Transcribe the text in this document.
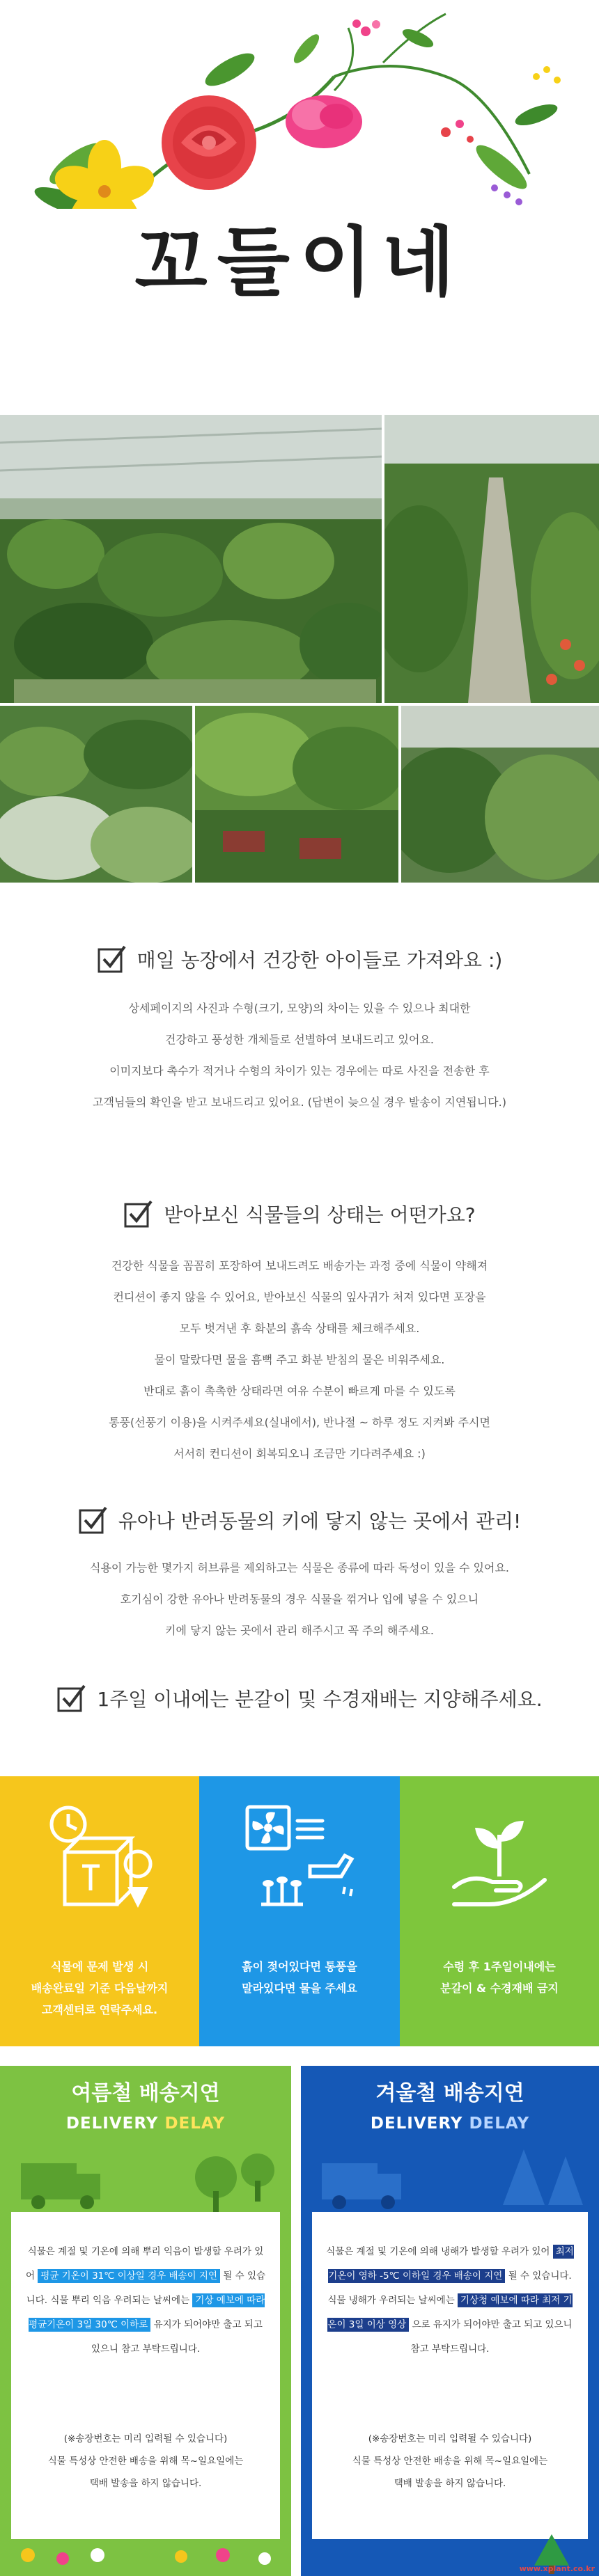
꼬들이네
매일 농장에서 건강한 아이들로 가져와요 :)

상세페이지의 사진과 수형(크기, 모양)의 차이는 있을 수 있으나 최대한

건강하고 풍성한 개체들로 선별하여 보내드리고 있어요.

이미지보다 촉수가 적거나 수형의 차이가 있는 경우에는 따로 사진을 전송한 후

고객님들의 확인을 받고 보내드리고 있어요. (답변이 늦으실 경우 발송이 지연됩니다.)

받아보신 식물들의 상태는 어떤가요?

건강한 식물을 꼼꼼히 포장하여 보내드려도 배송가는 과정 중에 식물이 약해져

컨디션이 좋지 않을 수 있어요, 받아보신 식물의 잎사귀가 처져 있다면 포장을

모두 벗겨낸 후 화분의 흙속 상태를 체크해주세요.

물이 말랐다면 물을 흠뻑 주고 화분 받침의 물은 비워주세요.

반대로 흙이 촉촉한 상태라면 여유 수분이 빠르게 마를 수 있도록

통풍(선풍기 이용)을 시켜주세요(실내에서), 반나절 ~ 하루 정도 지켜봐 주시면

서서히 컨디션이 회복되오니 조금만 기다려주세요 :)

유아나 반려동물의 키에 닿지 않는 곳에서 관리!

식용이 가능한 몇가지 허브류를 제외하고는 식물은 종류에 따라 독성이 있을 수 있어요.

호기심이 강한 유아나 반려동물의 경우 식물을 꺾거나 입에 넣을 수 있으니

키에 닿지 않는 곳에서 관리 해주시고 꼭 주의 해주세요.

1주일 이내에는 분갈이 및 수경재배는 지양해주세요.
식물에 문제 발생 시
배송완료일 기준 다음날까지
고객센터로 연락주세요.
흙이 젖어있다면 통풍을
말라있다면 물을 주세요
수령 후 1주일이내에는
분갈이 & 수경재배 금지
여름철 배송지연
DELIVERY DELAY
식물은 계절 및 기온에 의해 뿌리 익음이 발생할 우려가 있어 평균 기온이 31℃ 이상일 경우 배송이 지연 될 수 있습니다. 식물 뿌리 익음 우려되는 날씨에는 기상 예보에 따라 평균기온이 3일 30℃ 이하로 유지가 되어야만 출고 되고 있으니 참고 부탁드립니다.
(※송장번호는 미리 입력될 수 있습니다)
식물 특성상 안전한 배송을 위해 목~일요일에는
택배 발송을 하지 않습니다.
겨울철 배송지연
DELIVERY DELAY
식물은 계절 및 기온에 의해 냉해가 발생할 우려가 있어 최저기온이 영하 -5℃ 이하일 경우 배송이 지연 될 수 있습니다. 식물 냉해가 우려되는 날씨에는 기상청 예보에 따라 최저 기온이 3일 이상 영상 으로 유지가 되어야만 출고 되고 있으니 참고 부탁드립니다.
(※송장번호는 미리 입력될 수 있습니다)
식물 특성상 안전한 배송을 위해 목~일요일에는
택배 발송을 하지 않습니다.
www.xplant.co.kr
